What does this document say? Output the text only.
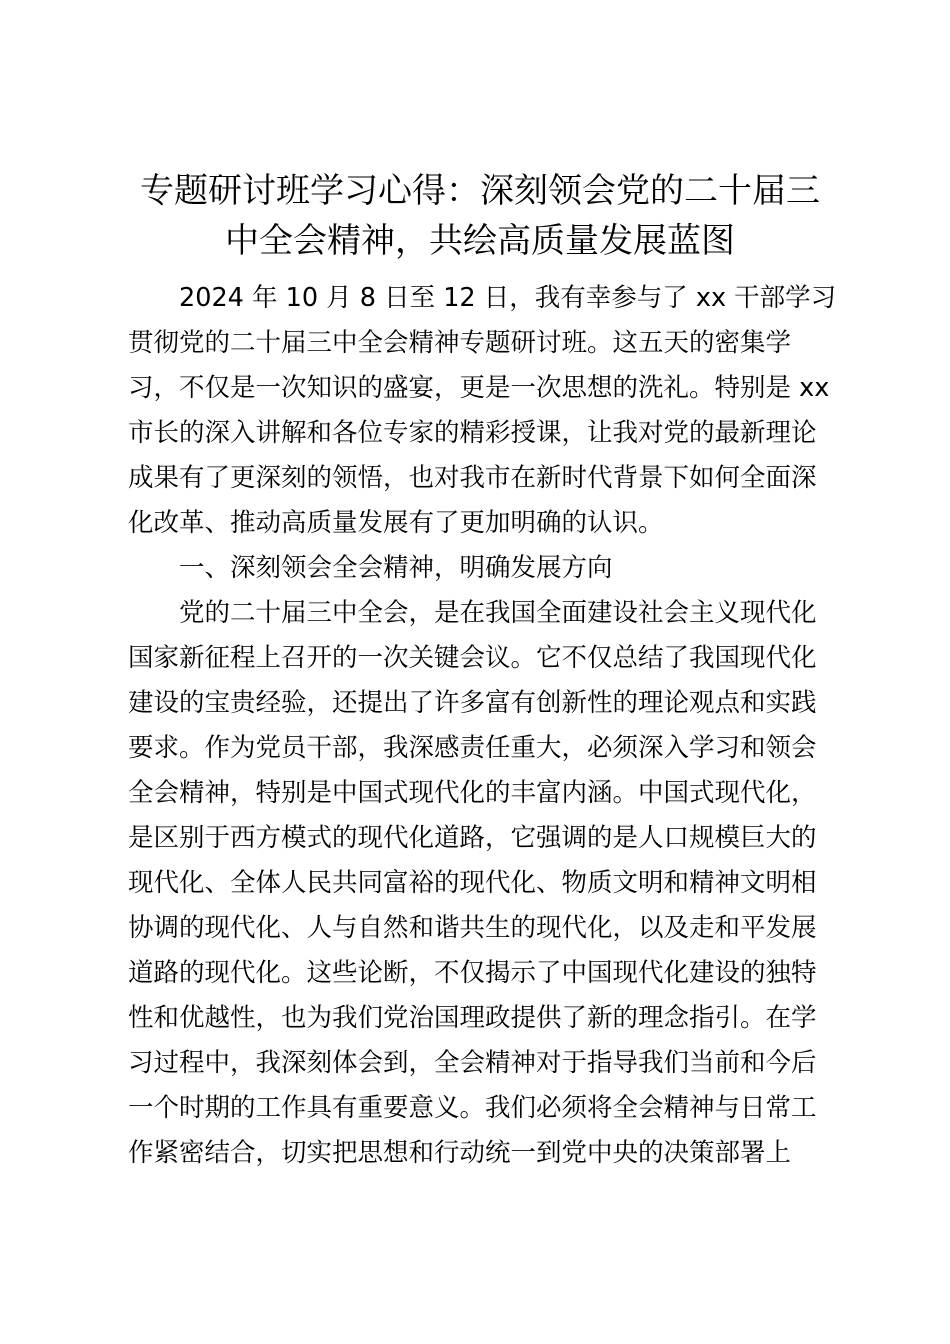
专题研讨班学习心得：深刻领会党的二十届三
中全会精神，共绘高质量发展蓝图
2024 年 10 月 8 日至 12 日，我有幸参与了 xx 干部学习
贯彻党的二十届三中全会精神专题研讨班。这五天的密集学
习，不仅是一次知识的盛宴，更是一次思想的洗礼。特别是 xx
市长的深入讲解和各位专家的精彩授课，让我对党的最新理论
成果有了更深刻的领悟，也对我市在新时代背景下如何全面深
化改革、推动高质量发展有了更加明确的认识。
一、深刻领会全会精神，明确发展方向
党的二十届三中全会，是在我国全面建设社会主义现代化
国家新征程上召开的一次关键会议。它不仅总结了我国现代化
建设的宝贵经验，还提出了许多富有创新性的理论观点和实践
要求。作为党员干部，我深感责任重大，必须深入学习和领会
全会精神，特别是中国式现代化的丰富内涵。中国式现代化，
是区别于西方模式的现代化道路，它强调的是人口规模巨大的
现代化、全体人民共同富裕的现代化、物质文明和精神文明相
协调的现代化、人与自然和谐共生的现代化，以及走和平发展
道路的现代化。这些论断，不仅揭示了中国现代化建设的独特
性和优越性，也为我们党治国理政提供了新的理念指引。在学
习过程中，我深刻体会到，全会精神对于指导我们当前和今后
一个时期的工作具有重要意义。我们必须将全会精神与日常工
作紧密结合，切实把思想和行动统一到党中央的决策部署上
